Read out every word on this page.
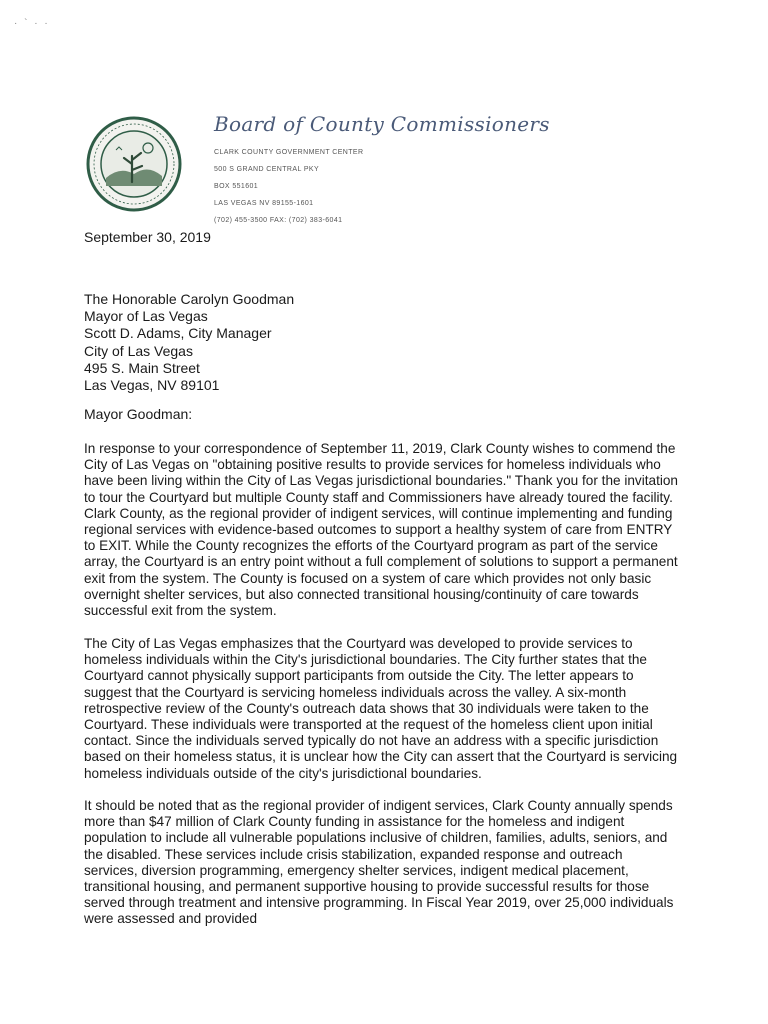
· ` · ·
Board of County Commissioners
CLARK COUNTY GOVERNMENT CENTER
500 S GRAND CENTRAL PKY
BOX 551601
LAS VEGAS NV 89155-1601
(702) 455-3500 FAX: (702) 383-6041
September 30, 2019
The Honorable Carolyn Goodman
Mayor of Las Vegas
Scott D. Adams, City Manager
City of Las Vegas
495 S. Main Street
Las Vegas, NV 89101
Mayor Goodman:

In response to your correspondence of September 11, 2019, Clark County wishes to commend the City of Las Vegas on "obtaining positive results to provide services for homeless individuals who have been living within the City of Las Vegas jurisdictional boundaries." Thank you for the invitation to tour the Courtyard but multiple County staff and Commissioners have already toured the facility. Clark County, as the regional provider of indigent services, will continue implementing and funding regional services with evidence-based outcomes to support a healthy system of care from ENTRY to EXIT. While the County recognizes the efforts of the Courtyard program as part of the service array, the Courtyard is an entry point without a full complement of solutions to support a permanent exit from the system. The County is focused on a system of care which provides not only basic overnight shelter services, but also connected transitional housing/continuity of care towards successful exit from the system.

The City of Las Vegas emphasizes that the Courtyard was developed to provide services to homeless individuals within the City's jurisdictional boundaries. The City further states that the Courtyard cannot physically support participants from outside the City. The letter appears to suggest that the Courtyard is servicing homeless individuals across the valley. A six-month retrospective review of the County's outreach data shows that 30 individuals were taken to the Courtyard. These individuals were transported at the request of the homeless client upon initial contact. Since the individuals served typically do not have an address with a specific jurisdiction based on their homeless status, it is unclear how the City can assert that the Courtyard is servicing homeless individuals outside of the city's jurisdictional boundaries.

It should be noted that as the regional provider of indigent services, Clark County annually spends more than $47 million of Clark County funding in assistance for the homeless and indigent population to include all vulnerable populations inclusive of children, families, adults, seniors, and the disabled. These services include crisis stabilization, expanded response and outreach services, diversion programming, emergency shelter services, indigent medical placement, transitional housing, and permanent supportive housing to provide successful results for those served through treatment and intensive programming. In Fiscal Year 2019, over 25,000 individuals were assessed and provided
